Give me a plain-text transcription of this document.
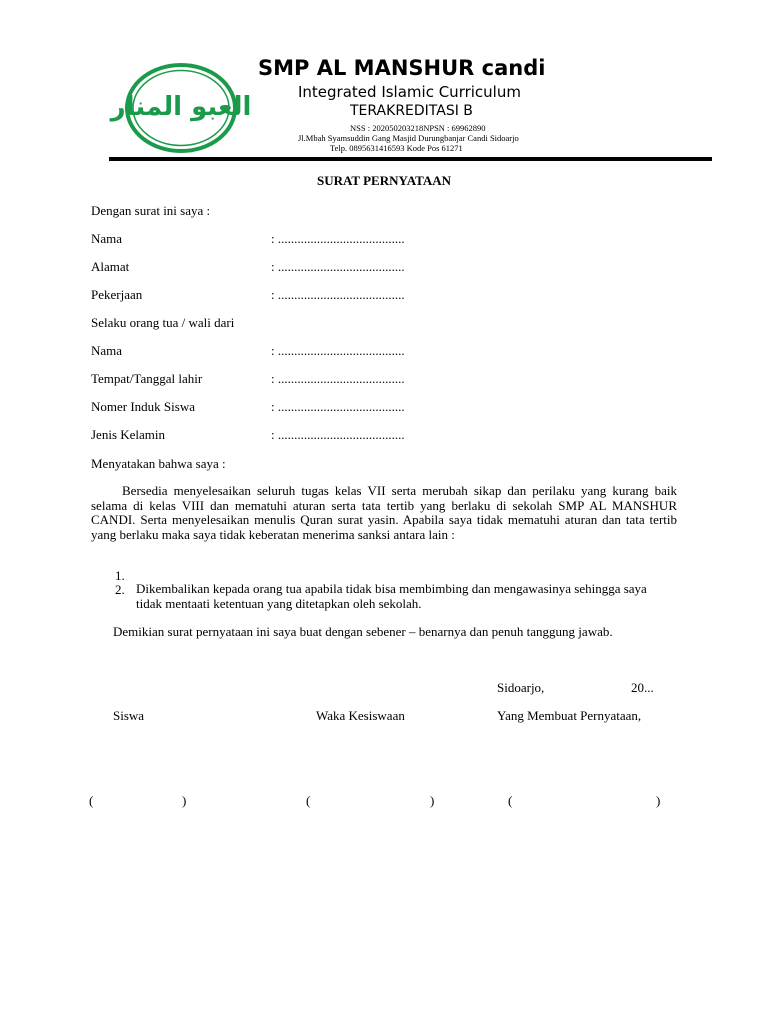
العبو المنار
SMP AL MANSHUR candi
Integrated Islamic Curriculum
TERAKREDITASI B
NSS : 202050203218NPSN : 69962890
Jl.Mbah Syamsuddin Gang Masjid Durungbanjar Candi Sidoarjo
Telp. 0895631416593 Kode Pos 61271
SURAT PERNYATAAN
Dengan surat ini saya :
Nama	: .......................................
Alamat	: .......................................
Pekerjaan	: .......................................
Selaku orang tua / wali dari
Nama	: .......................................
Tempat/Tanggal lahir	: .......................................
Nomer Induk Siswa	: .......................................
Jenis Kelamin	: .......................................
Menyatakan bahwa saya :
Bersedia menyelesaikan seluruh tugas kelas VII serta merubah sikap dan perilaku yang kurang baik selama di kelas VIII dan mematuhi aturan serta tata tertib yang berlaku di sekolah SMP AL MANSHUR CANDI. Serta menyelesaikan menulis Quran surat yasin. Apabila saya tidak mematuhi aturan dan tata tertib yang berlaku maka saya tidak keberatan menerima sanksi antara lain :
1.
2. Dikembalikan kepada orang tua apabila tidak bisa membimbing dan mengawasinya sehingga saya tidak mentaati ketentuan yang ditetapkan oleh sekolah.
Demikian surat pernyataan ini saya buat dengan sebener – benarnya dan penuh tanggung jawab.
Sidoarjo,	20...
Siswa	Waka Kesiswaan	Yang Membuat Pernyataan,
(	)	(	)	(	)
